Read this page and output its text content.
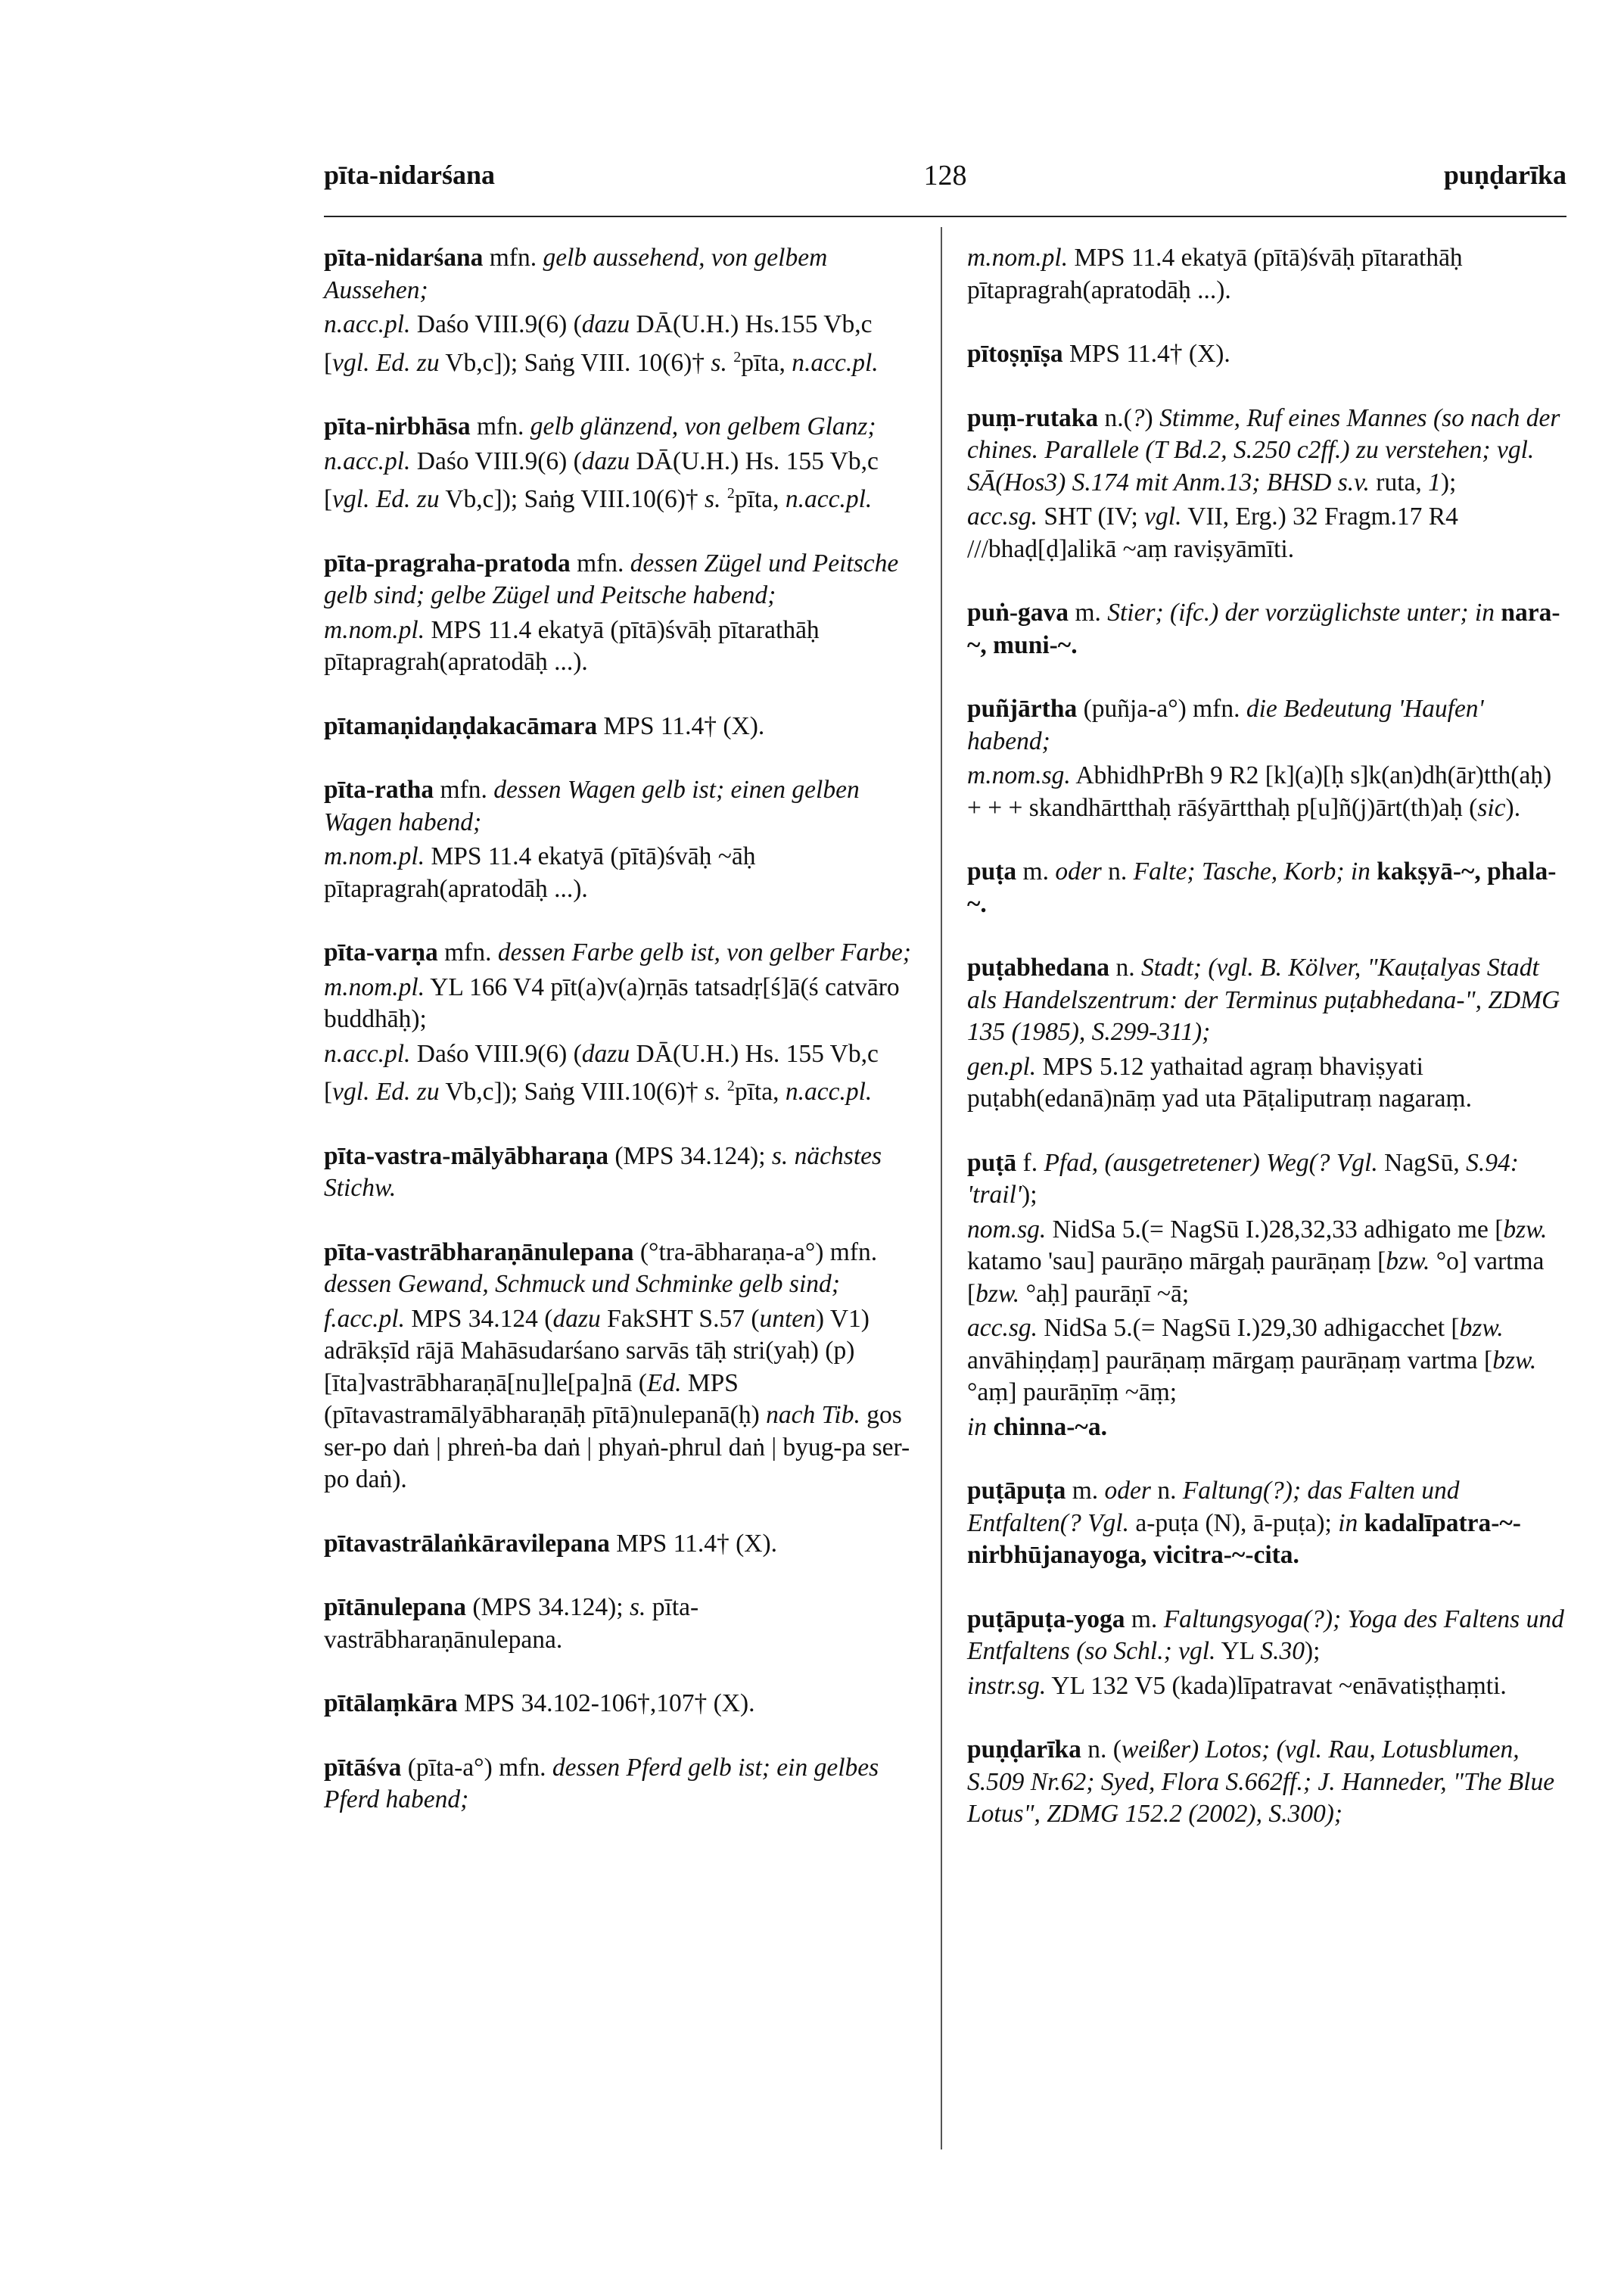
pīta-nidarśana	128	puṇḍarīka

pīta-nidarśana mfn. gelb aussehend, von gelbem Aussehen;

n.acc.pl. Daśo VIII.9(6) (dazu DĀ(U.H.) Hs.155 Vb,c [vgl. Ed. zu Vb,c]); Saṅg VIII. 10(6)† s. $^2$pīta, n.acc.pl.

pīta-nirbhāsa mfn. gelb glänzend, von gelbem Glanz;

n.acc.pl. Daśo VIII.9(6) (dazu DĀ(U.H.) Hs. 155 Vb,c [vgl. Ed. zu Vb,c]); Saṅg VIII.10(6)† s. $^2$pīta, n.acc.pl.

pīta-pragraha-pratoda mfn. dessen Zügel und Peitsche gelb sind; gelbe Zügel und Peitsche habend;

m.nom.pl. MPS 11.4 ekatyā (pītā)śvāḥ pītarathāḥ pītapragrah(apratodāḥ ...).

pītamaṇidaṇḍakacāmara MPS 11.4† (X).

pīta-ratha mfn. dessen Wagen gelb ist; einen gelben Wagen habend;

m.nom.pl. MPS 11.4 ekatyā (pītā)śvāḥ ~āḥ pītapragrah(apratodāḥ ...).

pīta-varṇa mfn. dessen Farbe gelb ist, von gelber Farbe;

m.nom.pl. YL 166 V4 pīt(a)v(a)rṇās tatsadṛ[ś]ā(ś catvāro buddhāḥ);

n.acc.pl. Daśo VIII.9(6) (dazu DĀ(U.H.) Hs. 155 Vb,c [vgl. Ed. zu Vb,c]); Saṅg VIII.10(6)† s. $^2$pīta, n.acc.pl.

pīta-vastra-mālyābharaṇa (MPS 34.124); s. nächstes Stichw.

pīta-vastrābharaṇānulepana (°tra-ābharaṇa-a°) mfn. dessen Gewand, Schmuck und Schminke gelb sind;

f.acc.pl. MPS 34.124 (dazu FakSHT S.57 (unten) V1) adrākṣīd rājā Mahāsudarśano sarvās tāḥ stri(yaḥ) (p)[īta]vastrābharaṇā[nu]le[pa]nā (Ed. MPS (pītavastramālyābharaṇāḥ pītā)nulepanā(ḥ) nach Tib. gos ser-po daṅ | phreṅ-ba daṅ | phyaṅ-phrul daṅ | byug-pa ser-po daṅ).

pītavastrālaṅkāravilepana MPS 11.4† (X).

pītānulepana (MPS 34.124); s. pīta-vastrābharaṇānulepana.

pītālaṃkāra MPS 34.102-106†,107† (X).

pītāśva (pīta-a°) mfn. dessen Pferd gelb ist; ein gelbes Pferd habend;

m.nom.pl. MPS 11.4 ekatyā (pītā)śvāḥ pītarathāḥ pītapragrah(apratodāḥ ...).

pītoṣṇīṣa MPS 11.4† (X).

puṃ-rutaka n.(?) Stimme, Ruf eines Mannes (so nach der chines. Parallele (T Bd.2, S.250 c2ff.) zu verstehen; vgl. SĀ(Hos3) S.174 mit Anm.13; BHSD s.v. ruta, 1);

acc.sg. SHT (IV; vgl. VII, Erg.) 32 Fragm.17 R4 ///bhaḍ[ḍ]alikā ~aṃ raviṣyāmīti.

puṅ-gava m. Stier; (ifc.) der vorzüglichste unter; in nara-~, muni-~.

puñjārtha (puñja-a°) mfn. die Bedeutung 'Haufen' habend;

m.nom.sg. AbhidhPrBh 9 R2 [k](a)[ḥ s]k(an)dh(ār)tth(aḥ) + + + skandhārtthaḥ rāśyārtthaḥ p[u]ñ(j)ārt(th)aḥ (sic).

puṭa m. oder n. Falte; Tasche, Korb; in kakṣyā-~, phala-~.

puṭabhedana n. Stadt; (vgl. B. Kölver, "Kauṭalyas Stadt als Handelszentrum: der Terminus puṭabhedana-", ZDMG 135 (1985), S.299-311);

gen.pl. MPS 5.12 yathaitad agraṃ bhaviṣyati puṭabh(edanā)nāṃ yad uta Pāṭaliputraṃ nagaraṃ.

puṭā f. Pfad, (ausgetretener) Weg(? Vgl. NagSū, S.94: 'trail');

nom.sg. NidSa 5.(= NagSū I.)28,32,33 adhigato me [bzw. katamo 'sau] paurāṇo mārgaḥ paurāṇaṃ [bzw. °o] vartma [bzw. °aḥ] paurāṇī ~ā;

acc.sg. NidSa 5.(= NagSū I.)29,30 adhigacchet [bzw. anvāhiṇḍaṃ] paurāṇaṃ mārgaṃ paurāṇaṃ vartma [bzw. °aṃ] paurāṇīṃ ~āṃ;

in chinna-~a.

puṭāpuṭa m. oder n. Faltung(?); das Falten und Entfalten(? Vgl. a-puṭa (N), ā-puṭa); in kadalīpatra-~-nirbhūjanayoga, vicitra-~-cita.

puṭāpuṭa-yoga m. Faltungsyoga(?); Yoga des Faltens und Entfaltens (so Schl.; vgl. YL S.30);

instr.sg. YL 132 V5 (kada)līpatravat ~enāvatiṣṭhaṃti.

puṇḍarīka n. (weißer) Lotos; (vgl. Rau, Lotusblumen, S.509 Nr.62; Syed, Flora S.662ff.; J. Hanneder, "The Blue Lotus", ZDMG 152.2 (2002), S.300);
